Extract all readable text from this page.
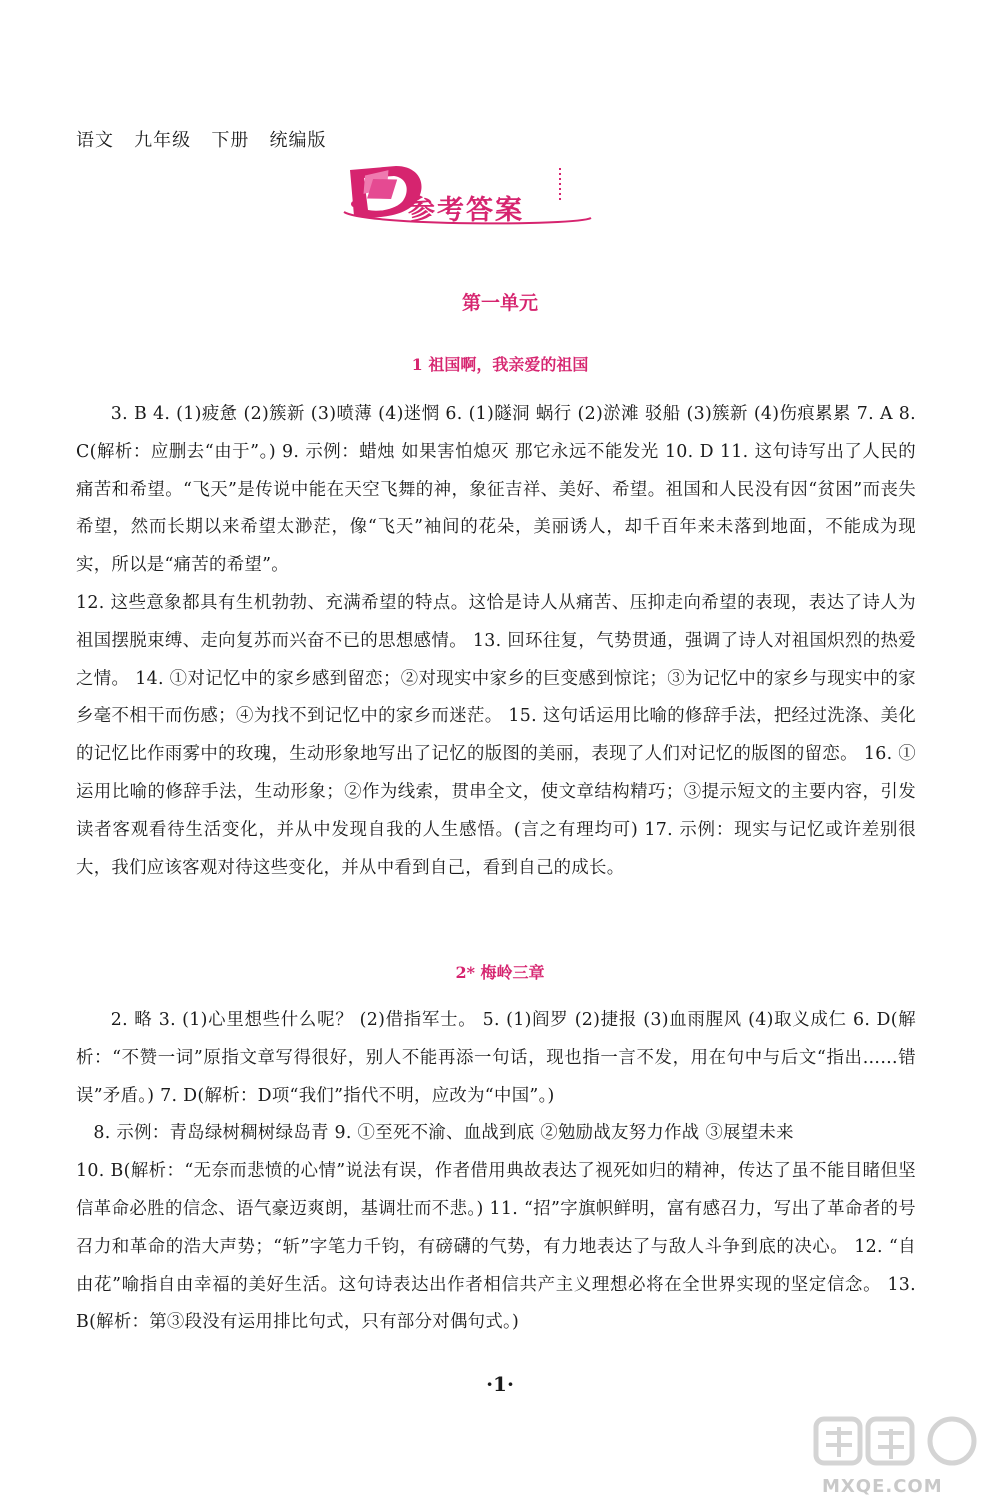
语文   九年级   下册   统编版
参考答案
第一单元
1 祖国啊，我亲爱的祖国

3. B 4. (1)疲惫 (2)簇新 (3)喷薄 (4)迷惘 6. (1)隧洞 蜗行 (2)淤滩 驳船 (3)簇新 (4)伤痕累累 7. A 8. C(解析：应删去“由于”。) 9. 示例：蜡烛 如果害怕熄灭 那它永远不能发光 10. D 11. 这句诗写出了人民的痛苦和希望。“飞天”是传说中能在天空飞舞的神，象征吉祥、美好、希望。祖国和人民没有因“贫困”而丧失希望，然而长期以来希望太渺茫，像“飞天”袖间的花朵，美丽诱人，却千百年来未落到地面，不能成为现实，所以是“痛苦的希望”。

12. 这些意象都具有生机勃勃、充满希望的特点。这恰是诗人从痛苦、压抑走向希望的表现，表达了诗人为祖国摆脱束缚、走向复苏而兴奋不已的思想感情。 13. 回环往复，气势贯通，强调了诗人对祖国炽烈的热爱之情。 14. ①对记忆中的家乡感到留恋；②对现实中家乡的巨变感到惊诧；③为记忆中的家乡与现实中的家乡毫不相干而伤感；④为找不到记忆中的家乡而迷茫。 15. 这句话运用比喻的修辞手法，把经过洗涤、美化的记忆比作雨雾中的玫瑰，生动形象地写出了记忆的版图的美丽，表现了人们对记忆的版图的留恋。 16. ①运用比喻的修辞手法，生动形象；②作为线索，贯串全文，使文章结构精巧；③提示短文的主要内容，引发读者客观看待生活变化，并从中发现自我的人生感悟。(言之有理均可) 17. 示例：现实与记忆或许差别很大，我们应该客观对待这些变化，并从中看到自己，看到自己的成长。

2* 梅岭三章

2. 略 3. (1)心里想些什么呢？ (2)借指军士。 5. (1)阎罗 (2)捷报 (3)血雨腥风 (4)取义成仁 6. D(解析：“不赞一词”原指文章写得很好，别人不能再添一句话，现也指一言不发，用在句中与后文“指出……错误”矛盾。) 7. D(解析：D项“我们”指代不明，应改为“中国”。)

8. 示例：青岛绿树稠树绿岛青 9. ①至死不渝、血战到底 ②勉励战友努力作战 ③展望未来

10. B(解析：“无奈而悲愤的心情”说法有误，作者借用典故表达了视死如归的精神，传达了虽不能目睹但坚信革命必胜的信念、语气豪迈爽朗，基调壮而不悲。) 11. “招”字旗帜鲜明，富有感召力，写出了革命者的号召力和革命的浩大声势；“斩”字笔力千钧，有磅礴的气势，有力地表达了与敌人斗争到底的决心。 12. “自由花”喻指自由幸福的美好生活。这句诗表达出作者相信共产主义理想必将在全世界实现的坚定信念。 13. B(解析：第③段没有运用排比句式，只有部分对偶句式。)

·1·
MXQE.COM
